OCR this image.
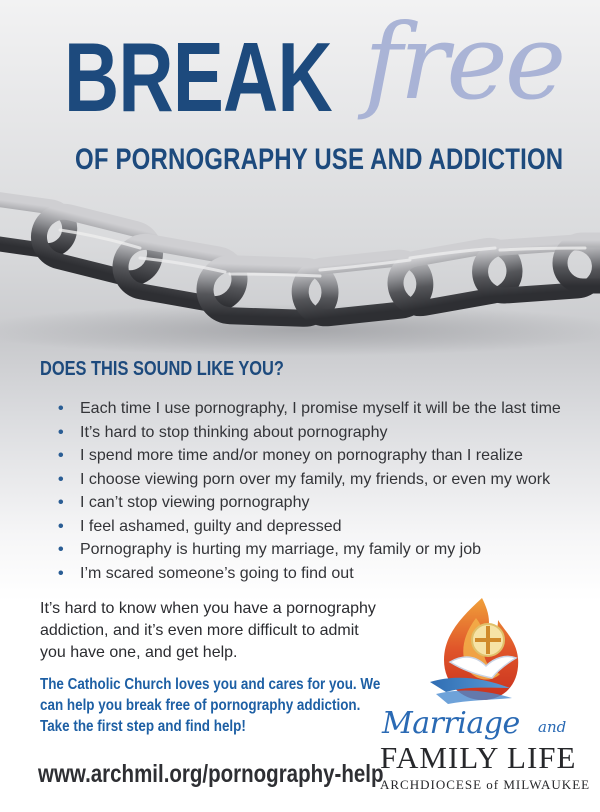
BREAK free
OF PORNOGRAPHY USE AND ADDICTION
DOES THIS SOUND LIKE YOU?
• Each time I use pornography, I promise myself it will be the last time
• It’s hard to stop thinking about pornography
• I spend more time and/or money on pornography than I realize
• I choose viewing porn over my family, my friends, or even my work
• I can’t stop viewing pornography
• I feel ashamed, guilty and depressed
• Pornography is hurting my marriage, my family or my job
• I’m scared someone’s going to find out
It’s hard to know when you have a pornography
addiction, and it’s even more difficult to admit
you have one, and get help.
The Catholic Church loves you and cares for you. We
can help you break free of pornography addiction.
Take the first step and find help!
www.archmil.org/pornography-help
Marriage and
FAMILY LIFE
ARCHDIOCESE of MILWAUKEE
